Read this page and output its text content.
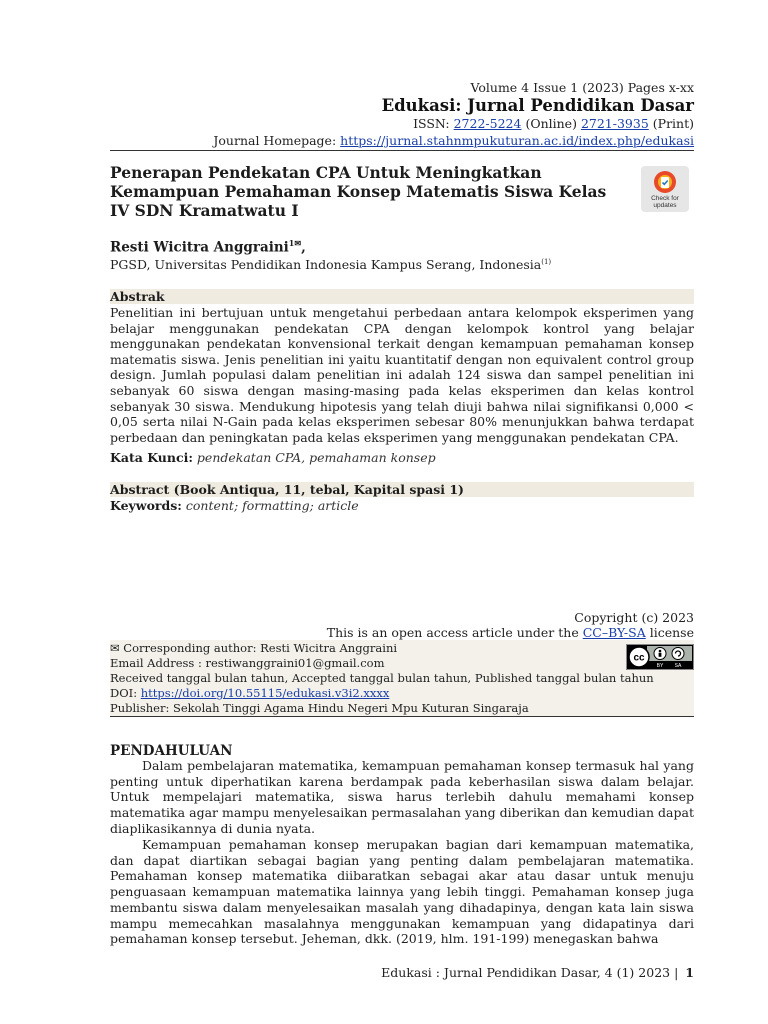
Volume 4 Issue 1 (2023) Pages x-xx
Edukasi: Jurnal Pendidikan Dasar
ISSN: 2722-5224 (Online) 2721-3935 (Print)
Journal Homepage: https://jurnal.stahnmpukuturan.ac.id/index.php/edukasi
Penerapan Pendekatan CPA Untuk Meningkatkan Kemampuan Pemahaman Konsep Matematis Siswa Kelas IV SDN Kramatwatu I
Check for updates
Resti Wicitra Anggraini$^{1✉}$,
PGSD, Universitas Pendidikan Indonesia Kampus Serang, Indonesia$^{(1)}$
Abstrak
Penelitian ini bertujuan untuk mengetahui perbedaan antara kelompok eksperimen yang belajar menggunakan pendekatan CPA dengan kelompok kontrol yang belajar menggunakan pendekatan konvensional terkait dengan kemampuan pemahaman konsep matematis siswa. Jenis penelitian ini yaitu kuantitatif dengan non equivalent control group design. Jumlah populasi dalam penelitian ini adalah 124 siswa dan sampel penelitian ini sebanyak 60 siswa dengan masing-masing pada kelas eksperimen dan kelas kontrol sebanyak 30 siswa. Mendukung hipotesis yang telah diuji bahwa nilai signifikansi 0,000 < 0,05 serta nilai N-Gain pada kelas eksperimen sebesar 80% menunjukkan bahwa terdapat perbedaan dan peningkatan pada kelas eksperimen yang menggunakan pendekatan CPA.
Kata Kunci: pendekatan CPA, pemahaman konsep
Abstract (Book Antiqua, 11, tebal, Kapital spasi 1)
Keywords: content; formatting; article
Copyright (c) 2023
This is an open access article under the CC–BY-SA license
✉ Corresponding author: Resti Wicitra Anggraini
Email Address : restiwanggraini01@gmail.com
Received tanggal bulan tahun, Accepted tanggal bulan tahun, Published tanggal bulan tahun
DOI: https://doi.org/10.55115/edukasi.v3i2.xxxx
Publisher: Sekolah Tinggi Agama Hindu Negeri Mpu Kuturan Singaraja
cc
BY SA
PENDAHULUAN
Dalam pembelajaran matematika, kemampuan pemahaman konsep termasuk hal yang penting untuk diperhatikan karena berdampak pada keberhasilan siswa dalam belajar. Untuk mempelajari matematika, siswa harus terlebih dahulu memahami konsep matematika agar mampu menyelesaikan permasalahan yang diberikan dan kemudian dapat diaplikasikannya di dunia nyata.
Kemampuan pemahaman konsep merupakan bagian dari kemampuan matematika, dan dapat diartikan sebagai bagian yang penting dalam pembelajaran matematika. Pemahaman konsep matematika diibaratkan sebagai akar atau dasar untuk menuju penguasaan kemampuan matematika lainnya yang lebih tinggi. Pemahaman konsep juga membantu siswa dalam menyelesaikan masalah yang dihadapinya, dengan kata lain siswa mampu memecahkan masalahnya menggunakan kemampuan yang didapatinya dari pemahaman konsep tersebut. Jeheman, dkk. (2019, hlm. 191-199) menegaskan bahwa
Edukasi : Jurnal Pendidikan Dasar, 4 (1) 2023 | 1
